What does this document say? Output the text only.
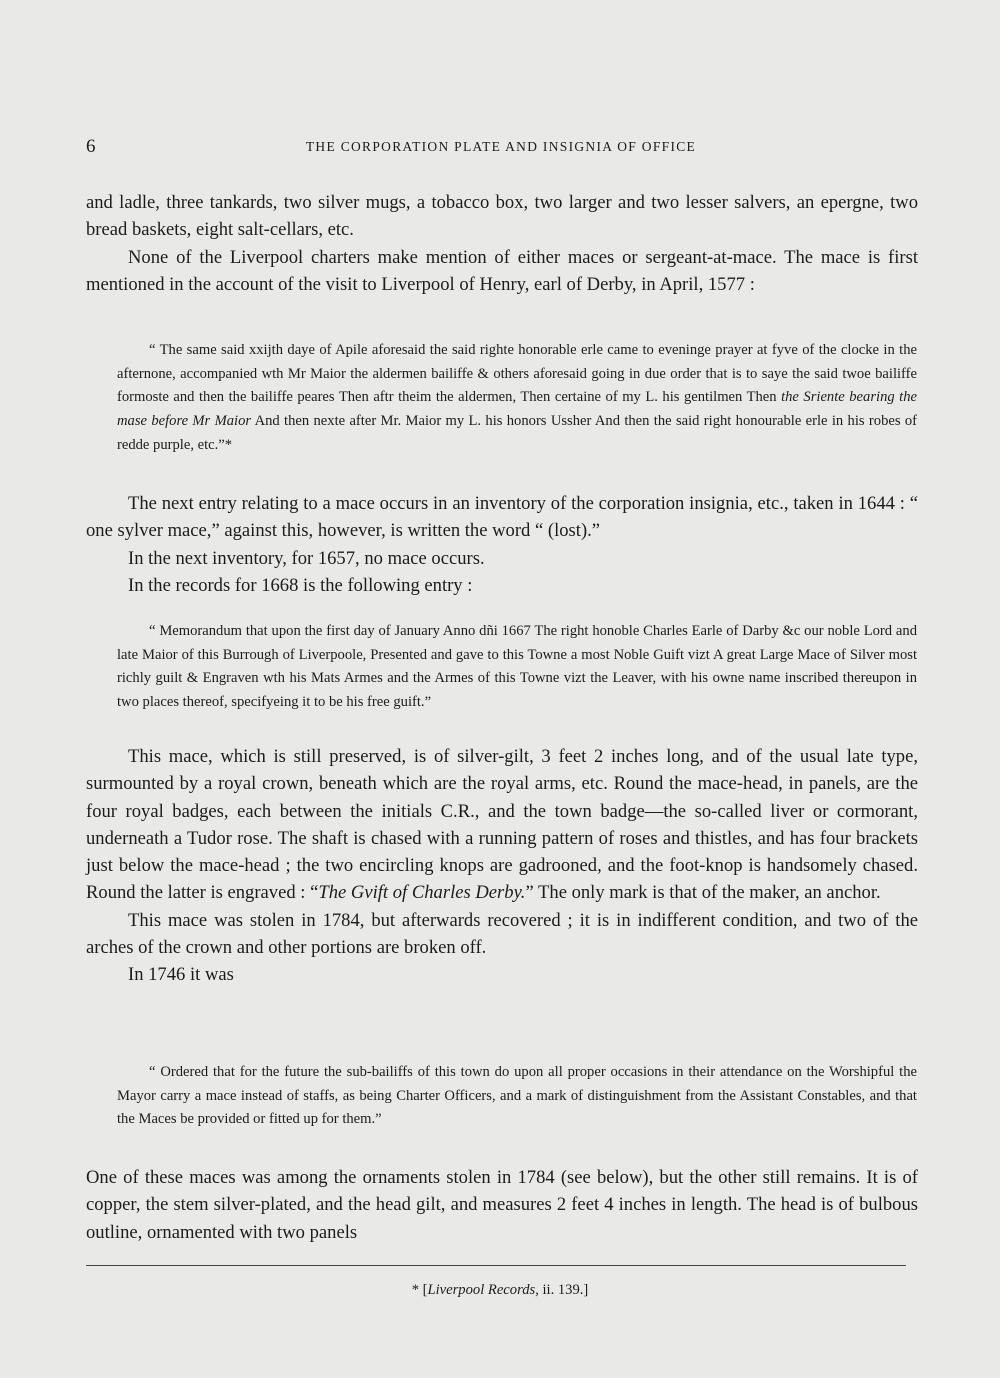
6	THE CORPORATION PLATE AND INSIGNIA OF OFFICE

and ladle, three tankards, two silver mugs, a tobacco box, two larger and two lesser salvers, an epergne, two bread baskets, eight salt-cellars, etc.

None of the Liverpool charters make mention of either maces or sergeant-at-mace. The mace is first mentioned in the account of the visit to Liverpool of Henry, earl of Derby, in April, 1577 :

“ The same said xxijth daye of Apile aforesaid the said righte honorable erle came to eveninge prayer at fyve of the clocke in the afternone, accompanied wth Mr Maior the aldermen bailiffe & others aforesaid going in due order that is to saye the said twoe bailiffe formoste and then the bailiffe peares Then aftr theim the aldermen, Then certaine of my L. his gentilmen Then the Sriente bearing the mase before Mr Maior And then nexte after Mr. Maior my L. his honors Ussher And then the said right honourable erle in his robes of redde purple, etc.”*

The next entry relating to a mace occurs in an inventory of the corporation insignia, etc., taken in 1644 : “ one sylver mace,” against this, however, is written the word “ (lost).”

In the next inventory, for 1657, no mace occurs.

In the records for 1668 is the following entry :

“ Memorandum that upon the first day of January Anno dñi 1667 The right honoble Charles Earle of Darby &c our noble Lord and late Maior of this Burrough of Liverpoole, Presented and gave to this Towne a most Noble Guift vizt A great Large Mace of Silver most richly guilt & Engraven wth his Mats Armes and the Armes of this Towne vizt the Leaver, with his owne name inscribed thereupon in two places thereof, specifyeing it to be his free guift.”

This mace, which is still preserved, is of silver-gilt, 3 feet 2 inches long, and of the usual late type, surmounted by a royal crown, beneath which are the royal arms, etc. Round the mace-head, in panels, are the four royal badges, each between the initials C.R., and the town badge—the so-called liver or cormorant, underneath a Tudor rose. The shaft is chased with a running pattern of roses and thistles, and has four brackets just below the mace-head ; the two encircling knops are gadrooned, and the foot-knop is handsomely chased. Round the latter is engraved : “The Gvift of Charles Derby.” The only mark is that of the maker, an anchor.

This mace was stolen in 1784, but afterwards recovered ; it is in indifferent condition, and two of the arches of the crown and other portions are broken off.

In 1746 it was

“ Ordered that for the future the sub-bailiffs of this town do upon all proper occasions in their attendance on the Worshipful the Mayor carry a mace instead of staffs, as being Charter Officers, and a mark of distinguishment from the Assistant Constables, and that the Maces be provided or fitted up for them.”

One of these maces was among the ornaments stolen in 1784 (see below), but the other still remains. It is of copper, the stem silver-plated, and the head gilt, and measures 2 feet 4 inches in length. The head is of bulbous outline, ornamented with two panels

* [Liverpool Records, ii. 139.]
